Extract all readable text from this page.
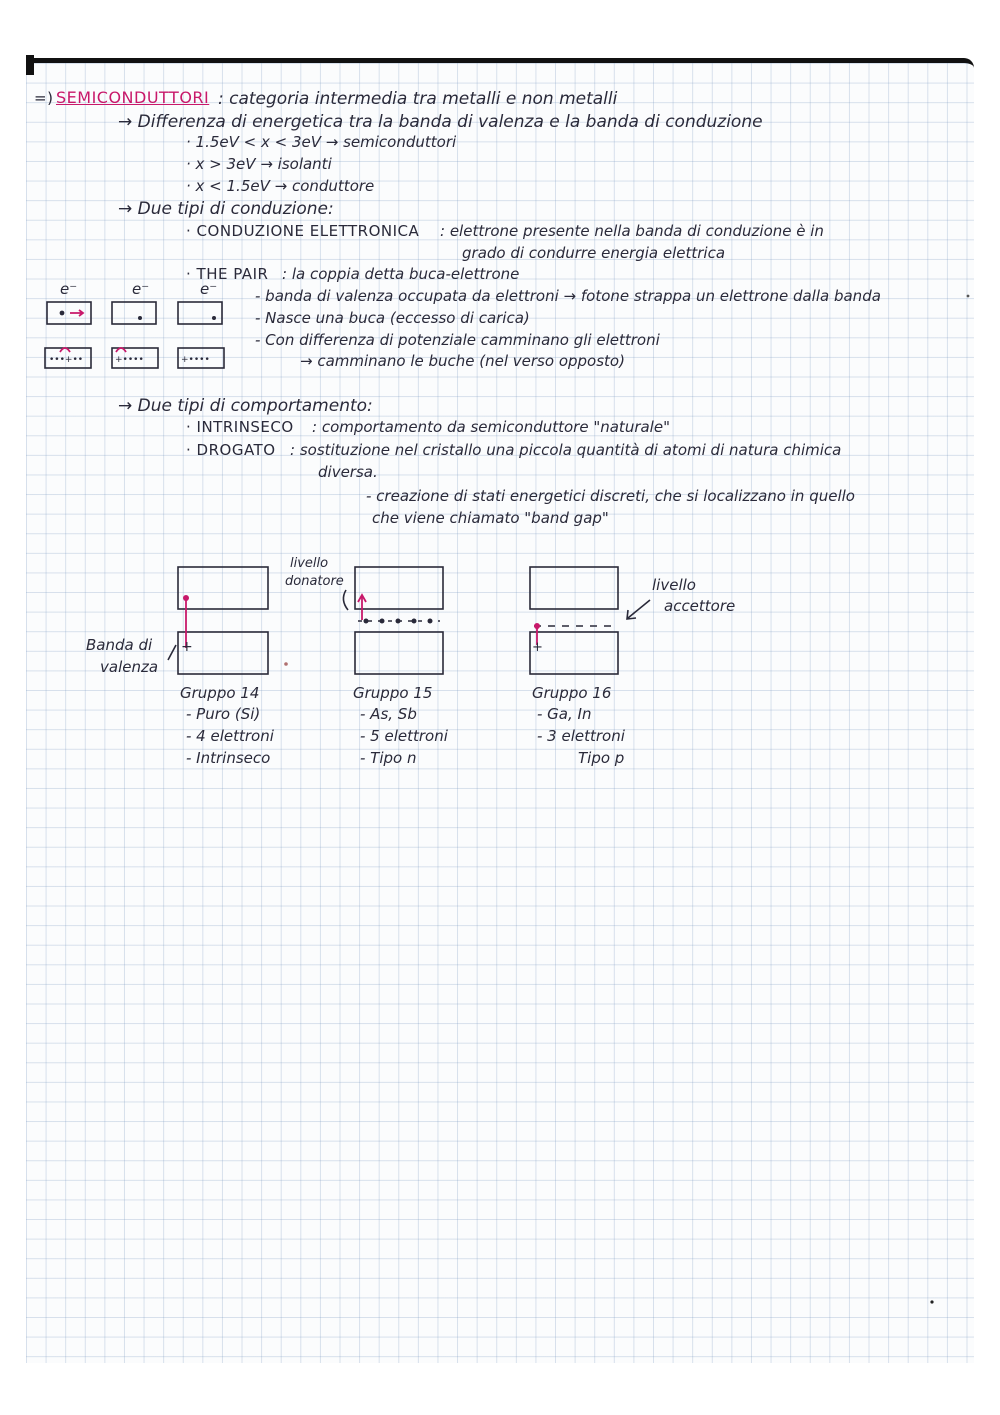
•••+••	+••••	+••••
+	+
=) SEMICONDUTTORI : categoria intermedia tra metalli e non metalli
→ Differenza di energetica tra la banda di valenza e la banda di conduzione
· 1.5eV < x < 3eV → semiconduttori
· x > 3eV → isolanti
· x < 1.5eV → conduttore
→ Due tipi di conduzione:
· CONDUZIONE ELETTRONICA : elettrone presente nella banda di conduzione è in
grado di condurre energia elettrica
· THE PAIR : la coppia detta buca-elettrone
- banda di valenza occupata da elettroni → fotone strappa un elettrone dalla banda
- Nasce una buca (eccesso di carica)
- Con differenza di potenziale camminano gli elettroni
→ camminano le buche (nel verso opposto)
e⁻	e⁻	e⁻
→ Due tipi di comportamento:
· INTRINSECO : comportamento da semiconduttore "naturale"
· DROGATO : sostituzione nel cristallo una piccola quantità di atomi di natura chimica
diversa.
- creazione di stati energetici discreti, che si localizzano in quello
che viene chiamato "band gap"
Banda di
valenza
livello
donatore	livello
accettore
Gruppo 14
- Puro (Si)
- 4 elettroni
- Intrinseco
Gruppo 15
- As, Sb
- 5 elettroni
- Tipo n
Gruppo 16
- Ga, In
- 3 elettroni
Tipo p
